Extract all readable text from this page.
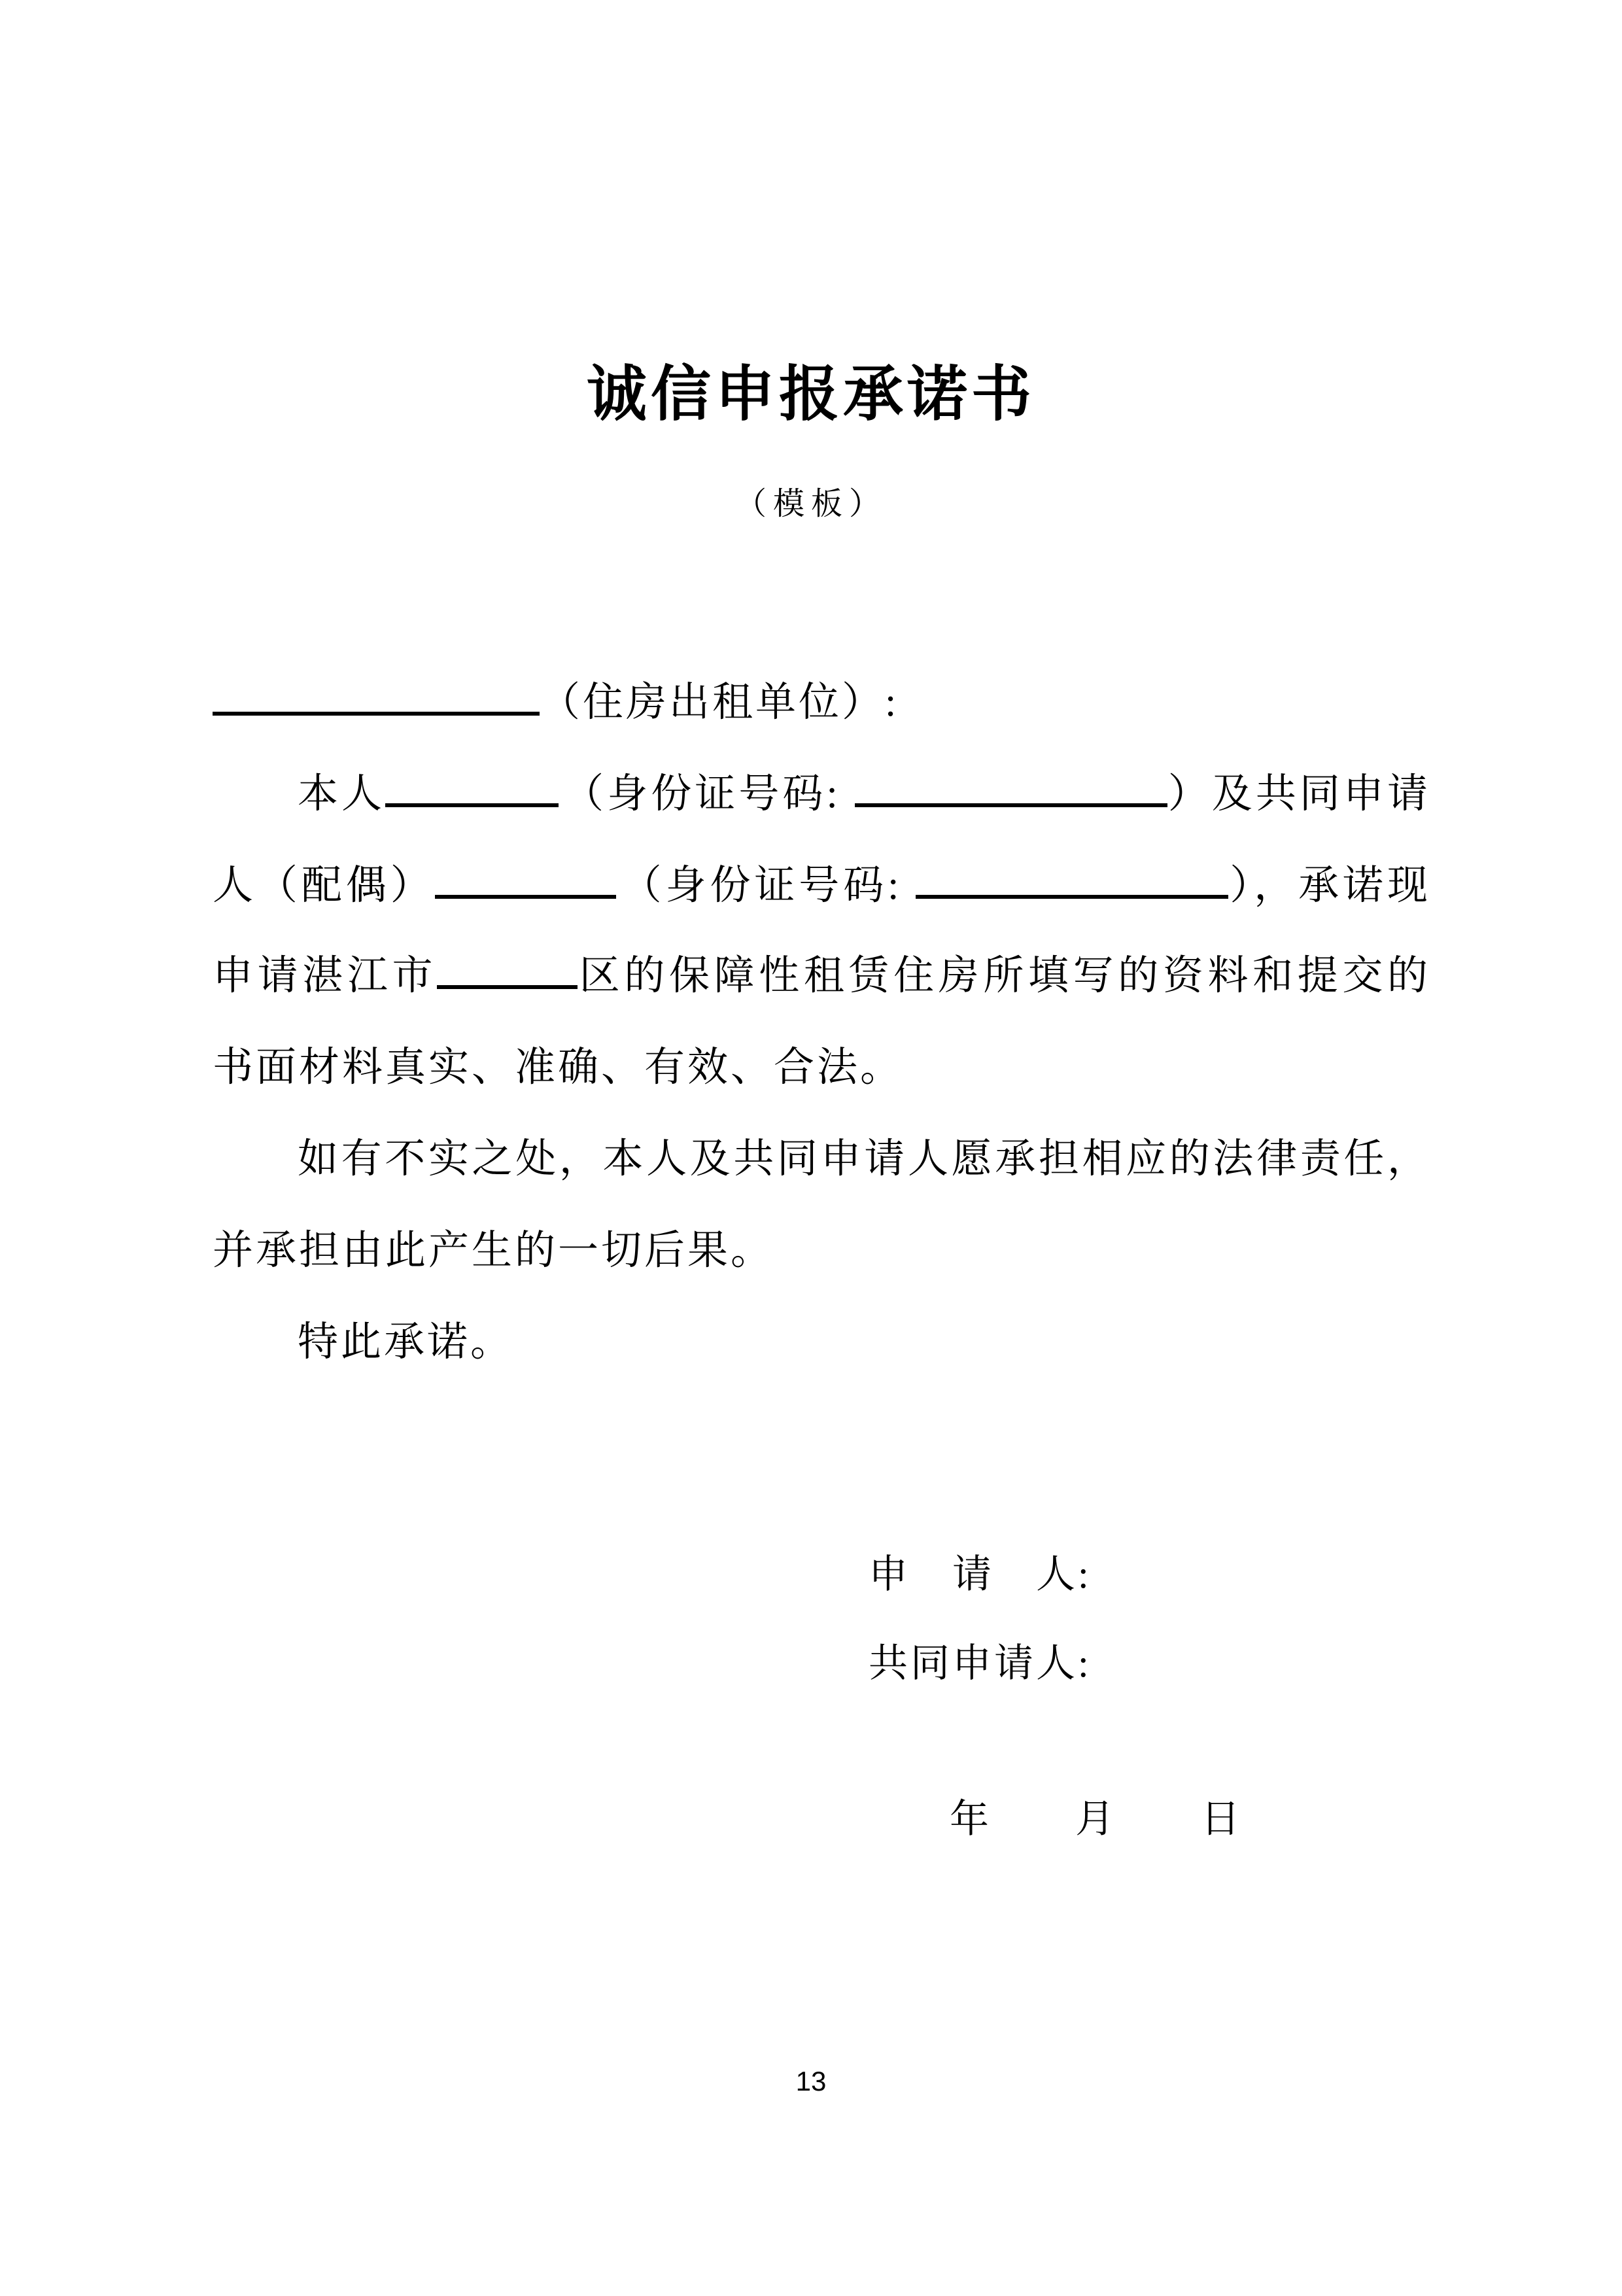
诚信申报承诺书
（模板）
（住房出租单位）:
本人	（身份证号码:	）及共同申请
人（配偶）	（身份证号码:	），承诺现
申请湛江市	区的保障性租赁住房所填写的资料和提交的
书面材料真实、准确、有效、合法。
如有不实之处，本人及共同申请人愿承担相应的法律责任，
并承担由此产生的一切后果。
特此承诺。
申　请　人:
共同申请人:
年　　月　　日
13
